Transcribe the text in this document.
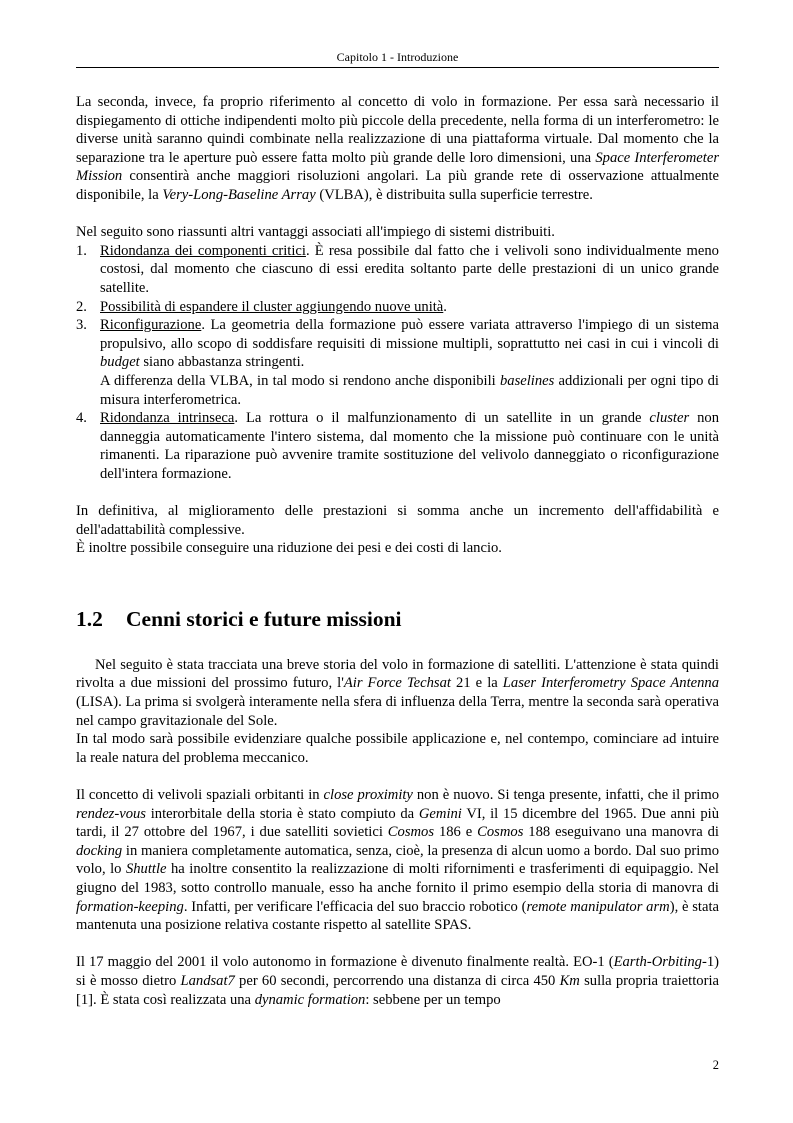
Capitolo 1 - Introduzione

La seconda, invece, fa proprio riferimento al concetto di volo in formazione. Per essa sarà necessario il dispiegamento di ottiche indipendenti molto più piccole della precedente, nella forma di un interferometro: le diverse unità saranno quindi combinate nella realizzazione di una piattaforma virtuale. Dal momento che la separazione tra le aperture può essere fatta molto più grande delle loro dimensioni, una Space Interferometer Mission consentirà anche maggiori risoluzioni angolari. La più grande rete di osservazione attualmente disponibile, la Very-Long-Baseline Array (VLBA), è distribuita sulla superficie terrestre.

Nel seguito sono riassunti altri vantaggi associati all'impiego di sistemi distribuiti.

1. Ridondanza dei componenti critici. È resa possibile dal fatto che i velivoli sono individualmente meno costosi, dal momento che ciascuno di essi eredita soltanto parte delle prestazioni di un unico grande satellite.
2. Possibilità di espandere il cluster aggiungendo nuove unità.
3. Riconfigurazione. La geometria della formazione può essere variata attraverso l'impiego di un sistema propulsivo, allo scopo di soddisfare requisiti di missione multipli, soprattutto nei casi in cui i vincoli di budget siano abbastanza stringenti.
A differenza della VLBA, in tal modo si rendono anche disponibili baselines addizionali per ogni tipo di misura interferometrica.
4. Ridondanza intrinseca. La rottura o il malfunzionamento di un satellite in un grande cluster non danneggia automaticamente l'intero sistema, dal momento che la missione può continuare con le unità rimanenti. La riparazione può avvenire tramite sostituzione del velivolo danneggiato o riconfigurazione dell'intera formazione.

In definitiva, al miglioramento delle prestazioni si somma anche un incremento dell'affidabilità e dell'adattabilità complessive.
È inoltre possibile conseguire una riduzione dei pesi e dei costi di lancio.

1.2 Cenni storici e future missioni

Nel seguito è stata tracciata una breve storia del volo in formazione di satelliti. L'attenzione è stata quindi rivolta a due missioni del prossimo futuro, l'Air Force Techsat 21 e la Laser Interferometry Space Antenna (LISA). La prima si svolgerà interamente nella sfera di influenza della Terra, mentre la seconda sarà operativa nel campo gravitazionale del Sole.
In tal modo sarà possibile evidenziare qualche possibile applicazione e, nel contempo, cominciare ad intuire la reale natura del problema meccanico.

Il concetto di velivoli spaziali orbitanti in close proximity non è nuovo. Si tenga presente, infatti, che il primo rendez-vous interorbitale della storia è stato compiuto da Gemini VI, il 15 dicembre del 1965. Due anni più tardi, il 27 ottobre del 1967, i due satelliti sovietici Cosmos 186 e Cosmos 188 eseguivano una manovra di docking in maniera completamente automatica, senza, cioè, la presenza di alcun uomo a bordo. Dal suo primo volo, lo Shuttle ha inoltre consentito la realizzazione di molti rifornimenti e trasferimenti di equipaggio. Nel giugno del 1983, sotto controllo manuale, esso ha anche fornito il primo esempio della storia di manovra di formation-keeping. Infatti, per verificare l'efficacia del suo braccio robotico (remote manipulator arm), è stata mantenuta una posizione relativa costante rispetto al satellite SPAS.

Il 17 maggio del 2001 il volo autonomo in formazione è divenuto finalmente realtà. EO-1 (Earth-Orbiting-1) si è mosso dietro Landsat7 per 60 secondi, percorrendo una distanza di circa 450 Km sulla propria traiettoria [1]. È stata così realizzata una dynamic formation: sebbene per un tempo

2
